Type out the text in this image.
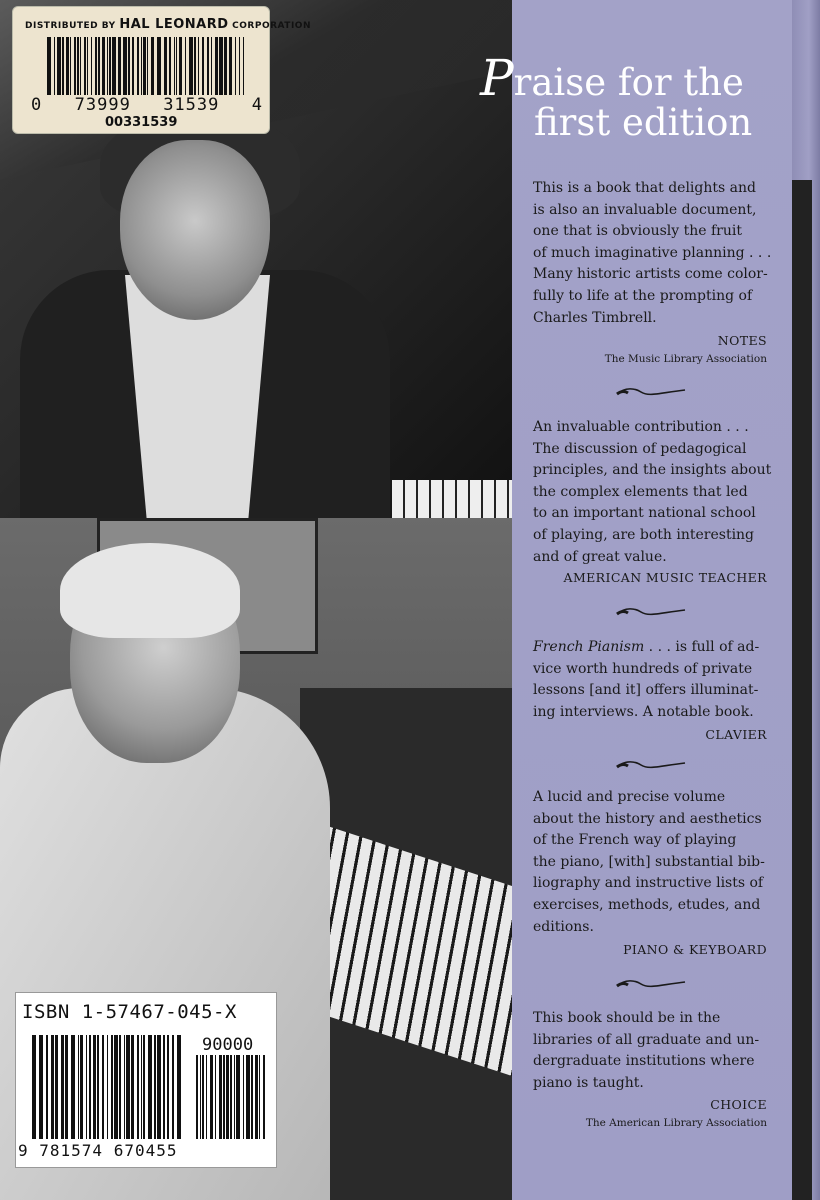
DISTRIBUTED BY HAL LEONARD CORPORATION
0 73999 31539 4
00331539
ISBN 1-57467-045-X
90000
9 781574 670455
Praise for the
first edition
This is a book that delights and
is also an invaluable document,
one that is obviously the fruit
of much imaginative planning . . .
Many historic artists come color-
fully to life at the prompting of
Charles Timbrell.
NOTES
The Music Library Association
An invaluable contribution . . .
The discussion of pedagogical
principles, and the insights about
the complex elements that led
to an important national school
of playing, are both interesting
and of great value.
AMERICAN MUSIC TEACHER
French Pianism . . . is full of ad-
vice worth hundreds of private
lessons [and it] offers illuminat-
ing interviews. A notable book.
CLAVIER
A lucid and precise volume
about the history and aesthetics
of the French way of playing
the piano, [with] substantial bib-
liography and instructive lists of
exercises, methods, etudes, and
editions.
PIANO & KEYBOARD
This book should be in the
libraries of all graduate and un-
dergraduate institutions where
piano is taught.
CHOICE
The American Library Association
